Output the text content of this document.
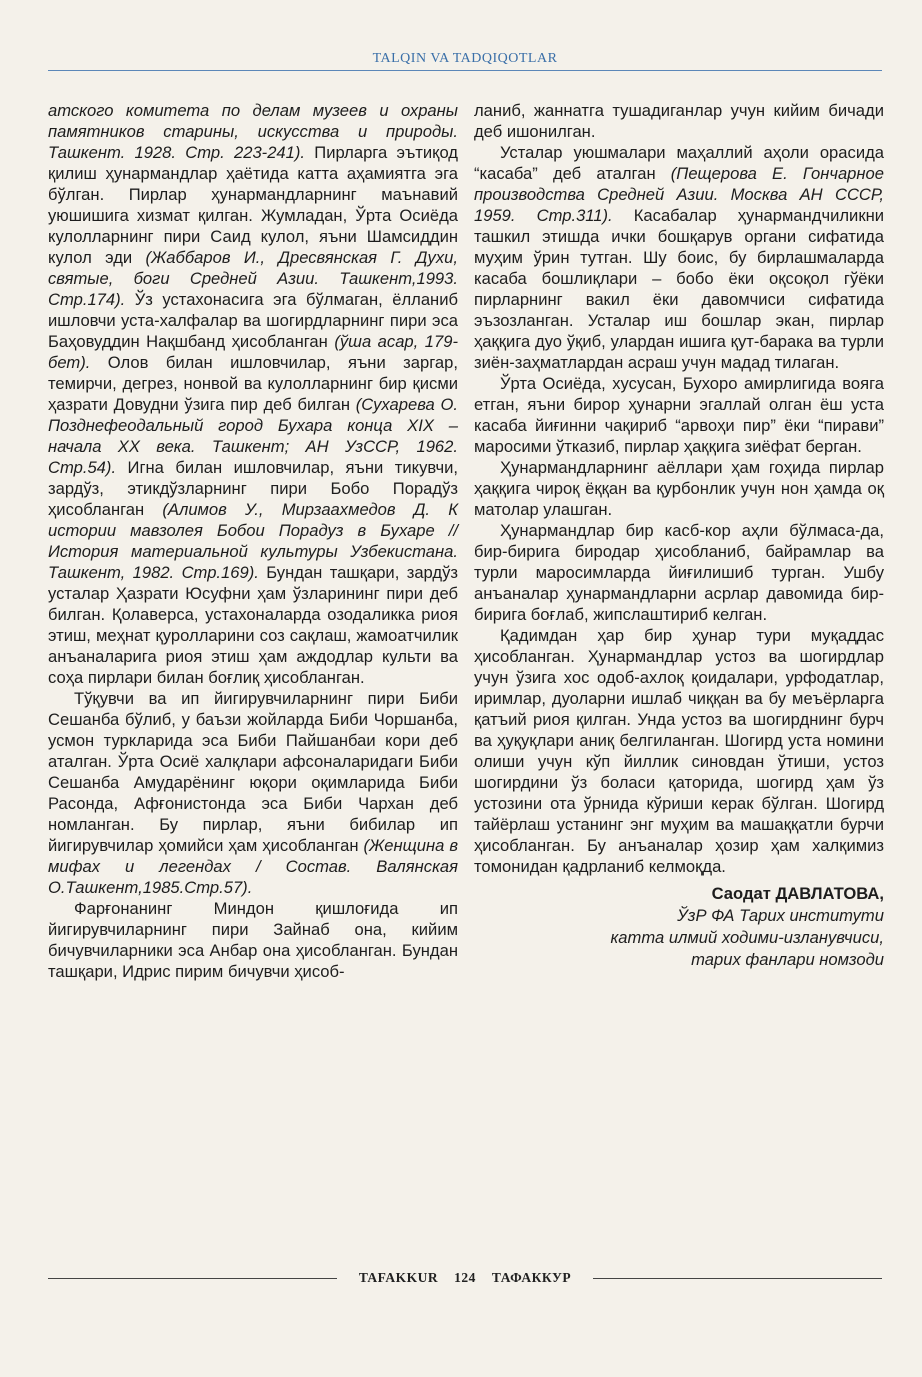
TALQIN VA TADQIQOTLAR

атского комитета по делам музеев и охраны памятников старины, искусства и природы. Ташкент. 1928. Стр. 223-241). Пирларга эътиқод қилиш ҳунармандлар ҳаётида катта аҳамиятга эга бўлган. Пирлар ҳунармандларнинг маънавий уюшишига хизмат қилган. Жумладан, Ўрта Осиёда кулолларнинг пири Саид кулол, яъни Шамсиддин кулол эди (Жаббаров И., Дресвянская Г. Духи, святые, боги Средней Азии. Ташкент,1993. Стр.174). Ўз устахонасига эга бўлмаган, ёлланиб ишловчи уста-халфалар ва шогирдларнинг пири эса Баҳовуддин Нақшбанд ҳисобланган (ўша асар, 179-бет). Олов билан ишловчилар, яъни заргар, темирчи, дегрез, нонвой ва кулолларнинг бир қисми ҳазрати Довудни ўзига пир деб билган (Сухарева О. Позднефеодальный город Бухара конца XIX – начала XX века. Ташкент; АН УзССР, 1962. Стр.54). Игна билан ишловчилар, яъни тикувчи, зардўз, этикдўзларнинг пири Бобо Порадўз ҳисобланган (Алимов У., Мирзаахмедов Д. К истории мавзолея Бобои Порадуз в Бухаре // История материальной культуры Узбекистана. Ташкент, 1982. Стр.169). Бундан ташқари, зардўз усталар Ҳазрати Юсуфни ҳам ўзларининг пири деб билган. Қолаверса, устахоналарда озодаликка риоя этиш, меҳнат қуролларини соз сақлаш, жамоатчилик анъаналарига риоя этиш ҳам аждодлар культи ва соҳа пирлари билан боғлиқ ҳисобланган.

Тўқувчи ва ип йигирувчиларнинг пири Биби Сешанба бўлиб, у баъзи жойларда Биби Чоршанба, усмон туркларида эса Биби Пайшанбаи кори деб аталган. Ўрта Осиё халқлари афсоналаридаги Биби Сешанба Амударёнинг юқори оқимларида Биби Расонда, Афғонистонда эса Биби Чархан деб номланган. Бу пирлар, яъни бибилар ип йигирувчилар ҳомийси ҳам ҳисобланган (Женщина в мифах и легендах / Состав. Валянская О.Ташкент,1985.Стр.57).

Фарғонанинг Миндон қишлоғида ип йигирувчиларнинг пири Зайнаб она, кийим бичувчиларники эса Анбар она ҳисобланган. Бундан ташқари, Идрис пирим бичувчи ҳисоб-

ланиб, жаннатга тушадиганлар учун кийим бичади деб ишонилган.

Усталар уюшмалари маҳаллий аҳоли орасида “касаба” деб аталган (Пещерова Е. Гончарное производства Средней Азии. Москва АН СССР, 1959. Стр.311). Касабалар ҳунармандчиликни ташкил этишда ички бошқарув органи сифатида муҳим ўрин тутган. Шу боис, бу бирлашмаларда касаба бошлиқлари – бобо ёки оқсоқол гўёки пирларнинг вакил ёки давомчиси сифатида эъзозланган. Усталар иш бошлар экан, пирлар ҳаққига дуо ўқиб, улардан ишига қут-барака ва турли зиён-заҳматлардан асраш учун мадад тилаган.

Ўрта Осиёда, хусусан, Бухоро амирлигида вояга етган, яъни бирор ҳунарни эгаллай олган ёш уста касаба йиғинни чақириб “арвоҳи пир” ёки “пирави” маросими ўтказиб, пирлар ҳаққига зиёфат берган.

Ҳунармандларнинг аёллари ҳам гоҳида пирлар ҳаққига чироқ ёққан ва қурбонлик учун нон ҳамда оқ матолар улашган.

Ҳунармандлар бир касб-кор аҳли бўлмаса-да, бир-бирига биродар ҳисобланиб, байрамлар ва турли маросимларда йиғилишиб турган. Ушбу анъаналар ҳунармандларни асрлар давомида бир-бирига боғлаб, жипслаштириб келган.

Қадимдан ҳар бир ҳунар тури муқаддас ҳисобланган. Ҳунармандлар устоз ва шогирдлар учун ўзига хос одоб-ахлоқ қоидалари, урфодатлар, иримлар, дуоларни ишлаб чиққан ва бу меъёрларга қатъий риоя қилган. Унда устоз ва шогирднинг бурч ва ҳуқуқлари аниқ белгиланган. Шогирд уста номини олиши учун кўп йиллик синовдан ўтиши, устоз шогирдини ўз боласи қаторида, шогирд ҳам ўз устозини ота ўрнида кўриши керак бўлган. Шогирд тайёрлаш устанинг энг муҳим ва машаққатли бурчи ҳисобланган. Бу анъаналар ҳозир ҳам халқимиз томонидан қадрланиб келмоқда.

Саодат ДАВЛАТОВА,
ЎзР ФА Тарих институти
катта илмий ходими-изланувчиси,
тарих фанлари номзоди
TAFAKKUR 124 ТАФАККУР
